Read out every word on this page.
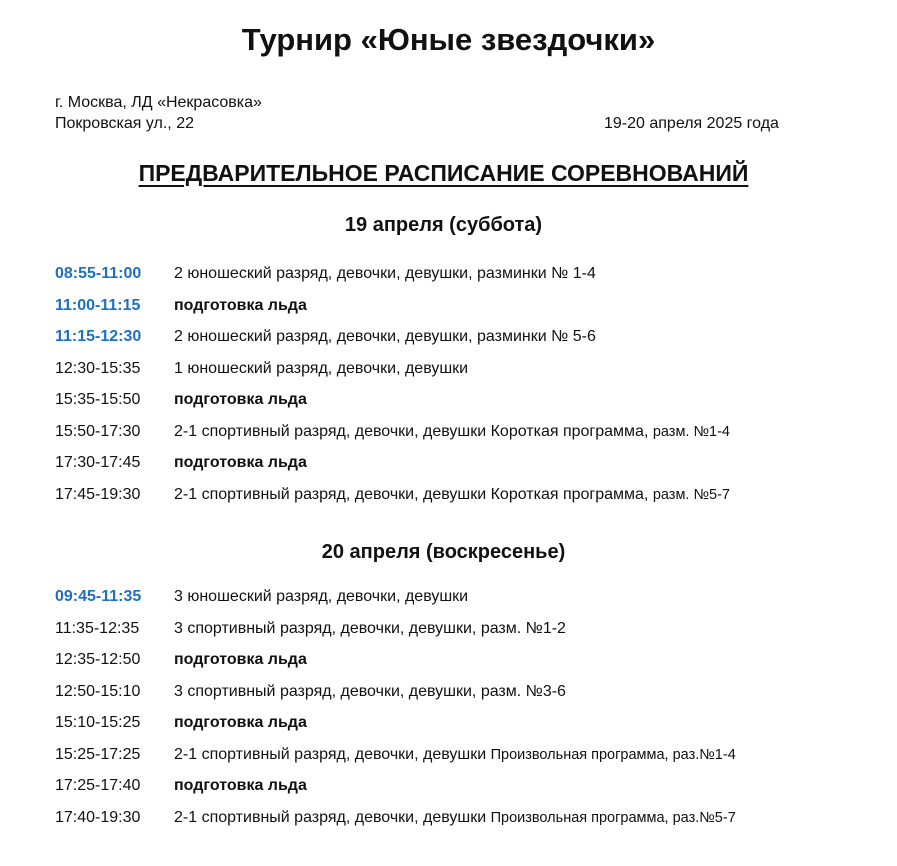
Турнир «Юные звездочки»
г. Москва, ЛД «Некрасовка»
Покровская ул., 22	19-20 апреля 2025 года
ПРЕДВАРИТЕЛЬНОЕ РАСПИСАНИЕ СОРЕВНОВАНИЙ
19 апреля (суббота)
08:55-11:00 2 юношеский разряд, девочки, девушки, разминки № 1-4
11:00-11:15 подготовка льда
11:15-12:30 2 юношеский разряд, девочки, девушки, разминки № 5-6
12:30-15:35 1 юношеский разряд, девочки, девушки
15:35-15:50 подготовка льда
15:50-17:30 2-1 спортивный разряд, девочки, девушки Короткая программа, разм. №1-4
17:30-17:45 подготовка льда
17:45-19:30 2-1 спортивный разряд, девочки, девушки Короткая программа, разм. №5-7
20 апреля (воскресенье)
09:45-11:35 3 юношеский разряд, девочки, девушки
11:35-12:35 3 спортивный разряд, девочки, девушки, разм. №1-2
12:35-12:50 подготовка льда
12:50-15:10 3 спортивный разряд, девочки, девушки, разм. №3-6
15:10-15:25 подготовка льда
15:25-17:25 2-1 спортивный разряд, девочки, девушки Произвольная программа, раз.№1-4
17:25-17:40 подготовка льда
17:40-19:30 2-1 спортивный разряд, девочки, девушки Произвольная программа, раз.№5-7
